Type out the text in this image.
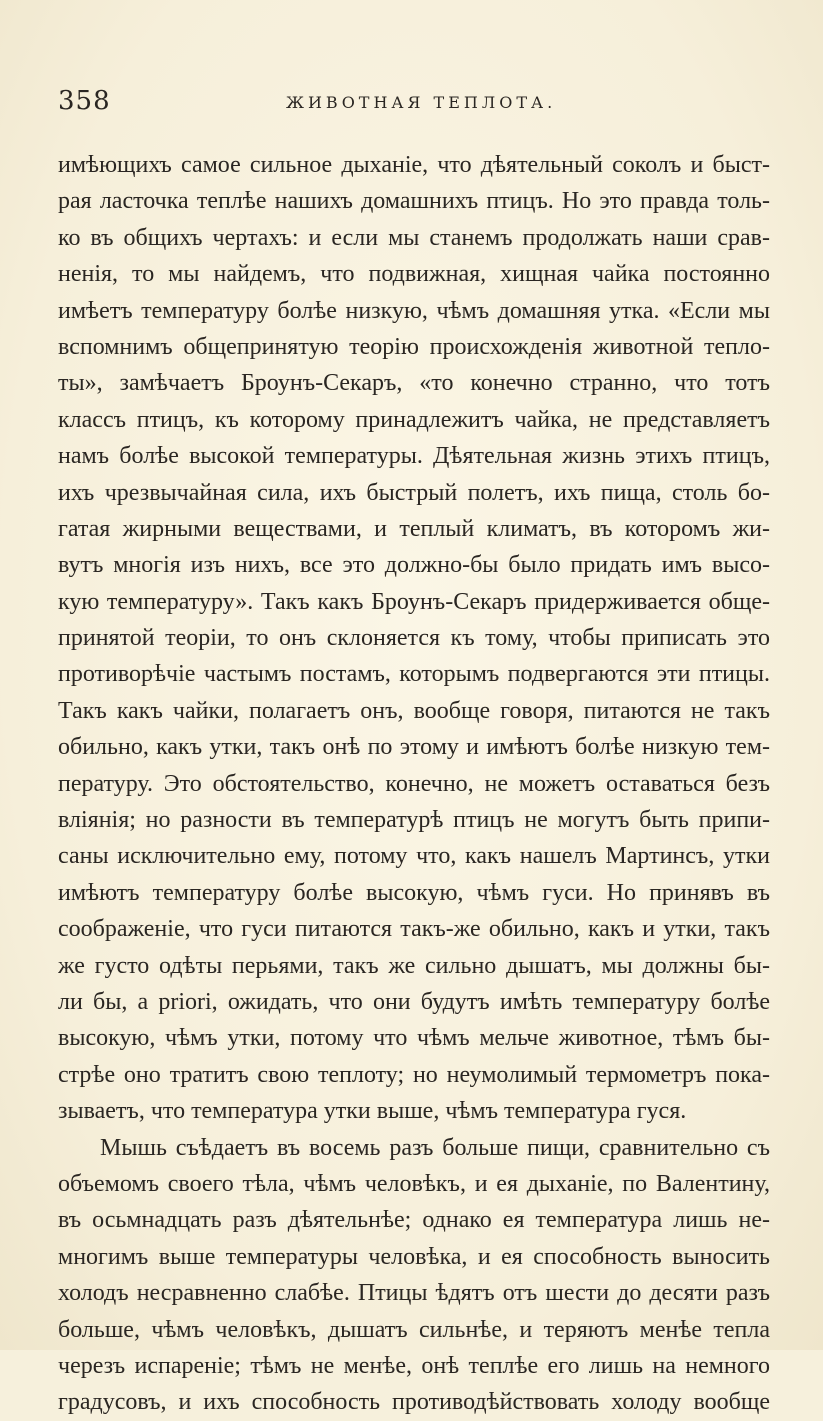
358	ЖИВОТНАЯ ТЕПЛОТА.
имѣющихъ самое сильное дыханіе, что дѣятельный соколъ и быст-
рая ласточка теплѣе нашихъ домашнихъ птицъ. Но это правда толь-
ко въ общихъ чертахъ: и если мы станемъ продолжать наши срав-
ненія, то мы найдемъ, что подвижная, хищная чайка постоянно
имѣетъ температуру болѣе низкую, чѣмъ домашняя утка. «Если мы
вспомнимъ общепринятую теорію происхожденія животной тепло-
ты», замѣчаетъ Броунъ-Секаръ, «то конечно странно, что тотъ
классъ птицъ, къ которому принадлежитъ чайка, не представляетъ
намъ болѣе высокой температуры. Дѣятельная жизнь этихъ птицъ,
ихъ чрезвычайная сила, ихъ быстрый полетъ, ихъ пища, столь бо-
гатая жирными веществами, и теплый климатъ, въ которомъ жи-
вутъ многія изъ нихъ, все это должно-бы было придать имъ высо-
кую температуру». Такъ какъ Броунъ-Секаръ придерживается обще-
принятой теоріи, то онъ склоняется къ тому, чтобы приписать это
противорѣчіе частымъ постамъ, которымъ подвергаются эти птицы.
Такъ какъ чайки, полагаетъ онъ, вообще говоря, питаются не такъ
обильно, какъ утки, такъ онѣ по этому и имѣютъ болѣе низкую тем-
пературу. Это обстоятельство, конечно, не можетъ оставаться безъ
вліянія; но разности въ температурѣ птицъ не могутъ быть припи-
саны исключительно ему, потому что, какъ нашелъ Мартинсъ, утки
имѣютъ температуру болѣе высокую, чѣмъ гуси. Но принявъ въ
соображеніе, что гуси питаются такъ-же обильно, какъ и утки, такъ
же густо одѣты перьями, такъ же сильно дышатъ, мы должны бы-
ли бы, a priori, ожидать, что они будутъ имѣть температуру болѣе
высокую, чѣмъ утки, потому что чѣмъ мельче животное, тѣмъ бы-
стрѣе оно тратитъ свою теплоту; но неумолимый термометръ пока-
зываетъ, что температура утки выше, чѣмъ температура гуся.
Мышь съѣдаетъ въ восемь разъ больше пищи, сравнительно съ
объемомъ своего тѣла, чѣмъ человѣкъ, и ея дыханіе, по Валентину,
въ осьмнадцать разъ дѣятельнѣе; однако ея температура лишь не-
многимъ выше температуры человѣка, и ея способность выносить
холодъ несравненно слабѣе. Птицы ѣдятъ отъ шести до десяти разъ
больше, чѣмъ человѣкъ, дышатъ сильнѣе, и теряютъ менѣе тепла
черезъ испареніе; тѣмъ не менѣе, онѣ теплѣе его лишь на немного
градусовъ, и ихъ способность противодѣйствовать холоду вообще
